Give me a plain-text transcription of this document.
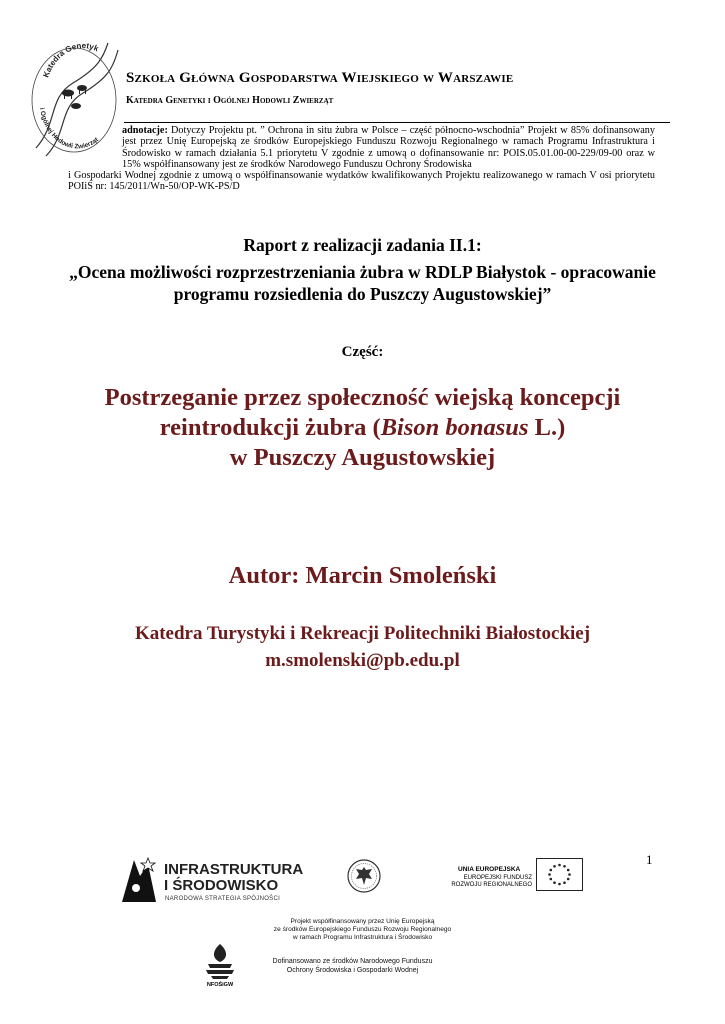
Katedra Genetyk
i Ogólnej Hodowli Zwierząt
Szkoła Główna Gospodarstwa Wiejskiego w Warszawie
Katedra Genetyki i Ogólnej Hodowli Zwierząt
adnotacje: Dotyczy Projektu pt. ” Ochrona in situ żubra w Polsce – część północno-wschodnia” Projekt w 85% dofinansowany jest przez Unię Europejską ze środków Europejskiego Funduszu Rozwoju Regionalnego w ramach Programu Infrastruktura i Środowisko w ramach działania 5.1 priorytetu V zgodnie z umową o dofinansowanie nr: POIS.05.01.00-00-229/09-00 oraz w 15% współfinansowany jest ze środków Narodowego Funduszu Ochrony Środowiska
i Gospodarki Wodnej zgodnie z umową o współfinansowanie wydatków kwalifikowanych Projektu realizowanego w ramach V osi priorytetu POIiŚ nr: 145/2011/Wn-50/OP-WK-PS/D
Raport z realizacji zadania II.1:
„Ocena możliwości rozprzestrzeniania żubra w RDLP Białystok - opracowanie programu rozsiedlenia do Puszczy Augustowskiej”
Część:
Postrzeganie przez społeczność wiejską koncepcji reintrodukcji żubra (Bison bonasus L.)
w Puszczy Augustowskiej
Autor: Marcin Smoleński
Katedra Turystyki i Rekreacji Politechniki Białostockiej
m.smolenski@pb.edu.pl
1
INFRASTRUKTURA
I ŚRODOWISKO
NARODOWA STRATEGIA SPÓJNOŚCI
UNIA EUROPEJSKA
EUROPEJSKI FUNDUSZ
ROZWOJU REGIONALNEGO
Projekt współfinansowany przez Unię Europejską
ze środków Europejskiego Funduszu Rozwoju Regionalnego
w ramach Programu Infrastruktura i Środowisko
NFOŚiGW
Dofinansowano ze środków Narodowego Funduszu
Ochrony Środowiska i Gospodarki Wodnej
